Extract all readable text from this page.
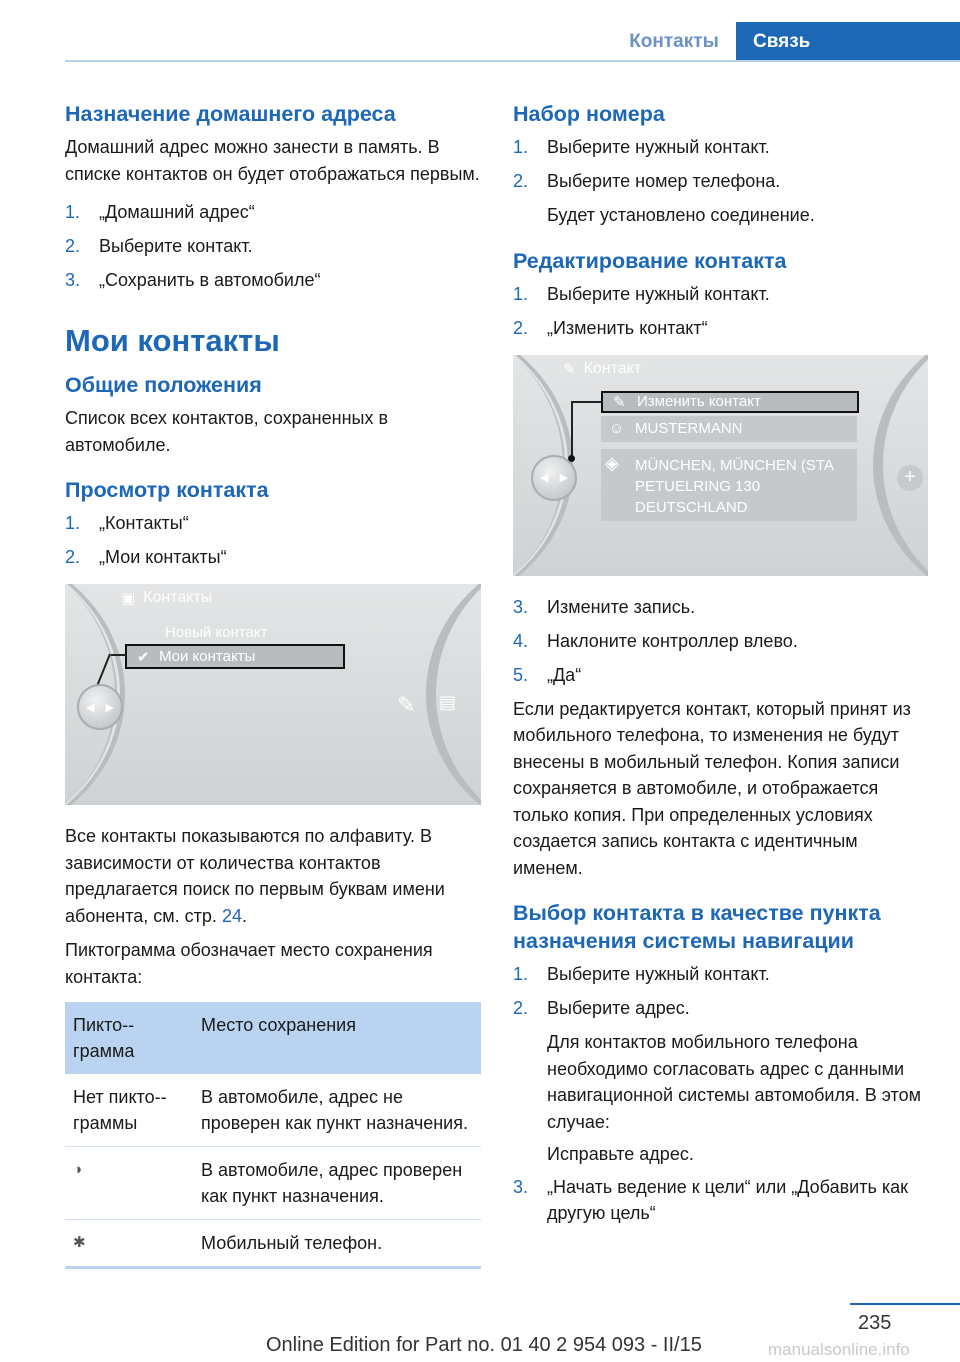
Контакты	Связь
Назначение домашнего адреса

Домашний адрес можно занести в память. В списке контактов он будет отображаться первым.

1. „Домашний адрес“
2. Выберите контакт.
3. „Сохранить в автомобиле“
Мои контакты
Общие положения

Список всех контактов, сохраненных в автомобиле.

Просмотр контакта
1. „Контакты“
2. „Мои контакты“
▣ Контакты
Новый контакт
✔ Мои контакты
◀ ▶	✎ ▤

Все контакты показываются по алфавиту. В зависимости от количества контактов предлагается поиск по первым буквам имени абонента, см. стр. 24.

Пиктограмма обозначает место сохранения контакта:

Пикто-грамма	Место сохранения
Нет пикто-граммы	В автомобиле, адрес не проверен как пункт назначения.
◑	В автомобиле, адрес проверен как пункт назначения.
✱	Мобильный телефон.
Набор номера
1. Выберите нужный контакт.
2. Выберите номер телефона.
Будет установлено соединение.
Редактирование контакта
1. Выберите нужный контакт.
2. „Изменить контакт“
✎ Контакт
✎ Изменить контакт
☺ MUSTERMANN
◈ MÜNCHEN, MÜNCHEN (STA
PETUELRING 130
DEUTSCHLAND
◀ ▶	+
3. Измените запись.
4. Наклоните контроллер влево.
5. „Да“

Если редактируется контакт, который принят из мобильного телефона, то изменения не будут внесены в мобильный телефон. Копия записи сохраняется в автомобиле, и отображается только копия. При определенных условиях создается запись контакта с идентичным именем.

Выбор контакта в качестве пункта назначения системы навигации
1. Выберите нужный контакт.
2. Выберите адрес.
Для контактов мобильного телефона необходимо согласовать адрес с данными навигационной системы автомобиля. В этом случае:
Исправьте адрес.
3. „Начать ведение к цели“ или „Добавить как другую цель“
235
Online Edition for Part no. 01 40 2 954 093 - II/15	manualsonline.info
